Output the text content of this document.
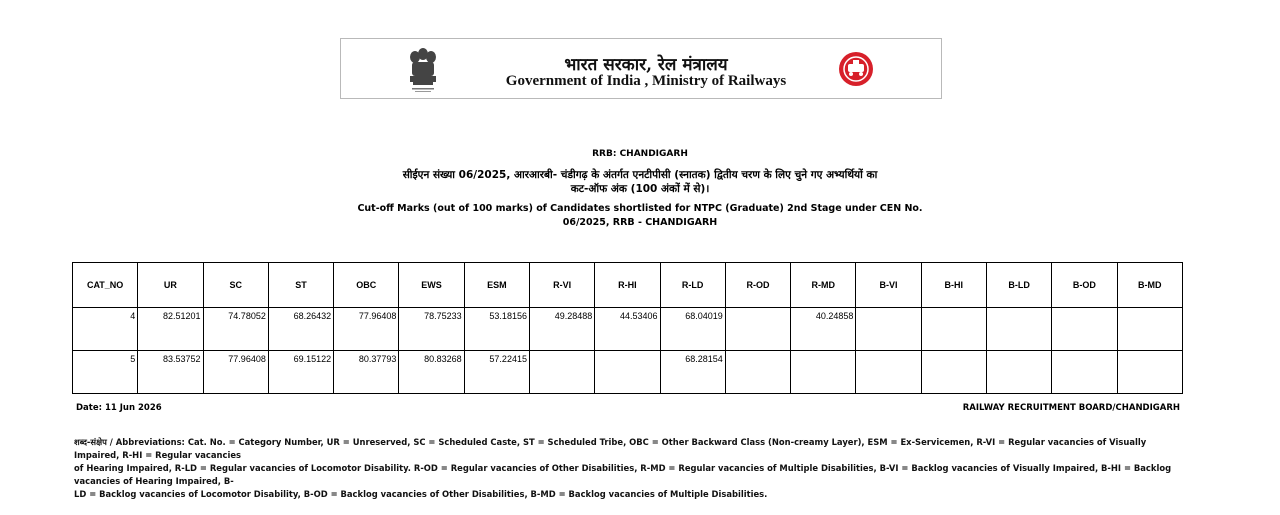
भारत सरकार, रेल मंत्रालय
Government of India , Ministry of Railways
RRB: CHANDIGARH
सीईएन संख्या 06/2025, आरआरबी- चंडीगढ़ के अंतर्गत एनटीपीसी (स्नातक) द्वितीय चरण के लिए चुने गए अभ्यर्थियों का
कट-ऑफ अंक (100 अंकों में से)।
Cut-off Marks (out of 100 marks) of Candidates shortlisted for NTPC (Graduate) 2nd Stage under CEN No.
06/2025, RRB - CHANDIGARH
CAT_NO	UR	SC	ST	OBC	EWS	ESM	R-VI	R-HI	R-LD	R-OD	R-MD	B-VI	B-HI	B-LD	B-OD	B-MD
4	82.51201	74.78052	68.26432	77.96408	78.75233	53.18156	49.28488	44.53406	68.04019		40.24858					
5	83.53752	77.96408	69.15122	80.37793	80.83268	57.22415			68.28154							
Date: 11 Jun 2026	RAILWAY RECRUITMENT BOARD/CHANDIGARH
शब्द-संक्षेप / Abbreviations: Cat. No. = Category Number, UR = Unreserved, SC = Scheduled Caste, ST = Scheduled Tribe, OBC = Other Backward Class (Non-creamy Layer), ESM = Ex-Servicemen, R-VI = Regular vacancies of Visually Impaired, R-HI = Regular vacancies
of Hearing Impaired, R-LD = Regular vacancies of Locomotor Disability. R-OD = Regular vacancies of Other Disabilities, R-MD = Regular vacancies of Multiple Disabilities, B-VI = Backlog vacancies of Visually Impaired, B-HI = Backlog vacancies of Hearing Impaired, B-
LD = Backlog vacancies of Locomotor Disability, B-OD = Backlog vacancies of Other Disabilities, B-MD = Backlog vacancies of Multiple Disabilities.
